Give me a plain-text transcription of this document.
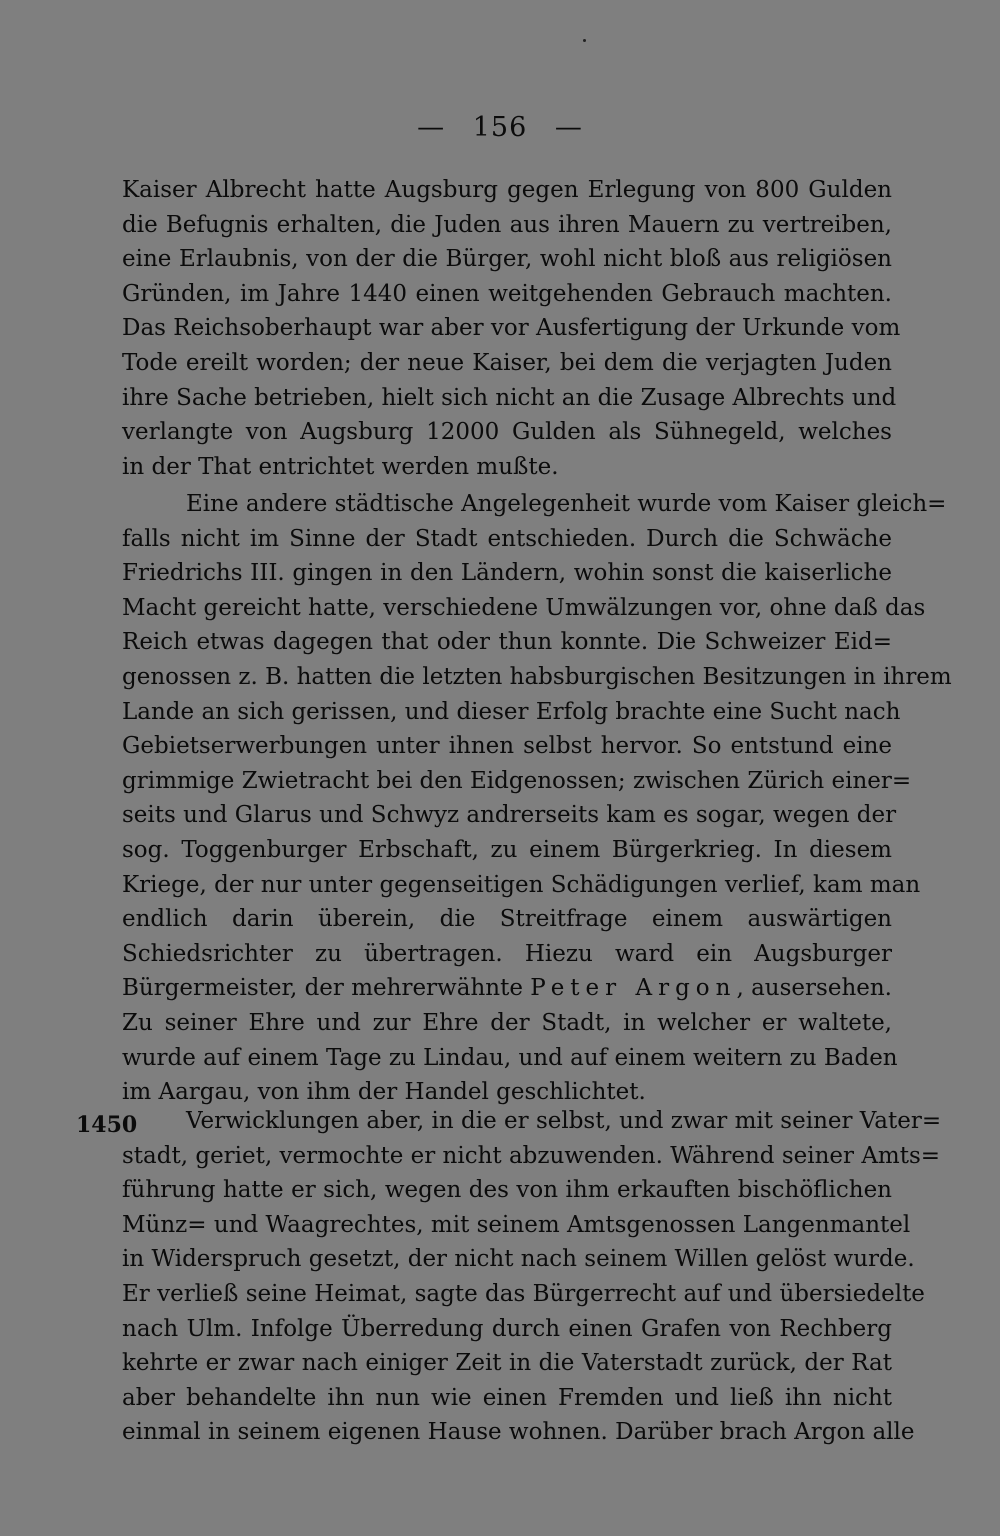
— 156 —
1450
Kaiser Albrecht hatte Augsburg gegen Erlegung von 800 Gulden
die Befugnis erhalten, die Juden aus ihren Mauern zu vertreiben,
eine Erlaubnis, von der die Bürger, wohl nicht bloß aus religiösen
Gründen, im Jahre 1440 einen weitgehenden Gebrauch machten.
Das Reichsoberhaupt war aber vor Ausfertigung der Urkunde vom
Tode ereilt worden; der neue Kaiser, bei dem die verjagten Juden
ihre Sache betrieben, hielt sich nicht an die Zusage Albrechts und
verlangte von Augsburg 12000 Gulden als Sühnegeld, welches
in der That entrichtet werden mußte.
Eine andere städtische Angelegenheit wurde vom Kaiser gleich=
falls nicht im Sinne der Stadt entschieden. Durch die Schwäche
Friedrichs III. gingen in den Ländern, wohin sonst die kaiserliche
Macht gereicht hatte, verschiedene Umwälzungen vor, ohne daß das
Reich etwas dagegen that oder thun konnte. Die Schweizer Eid=
genossen z. B. hatten die letzten habsburgischen Besitzungen in ihrem
Lande an sich gerissen, und dieser Erfolg brachte eine Sucht nach
Gebietserwerbungen unter ihnen selbst hervor. So entstund eine
grimmige Zwietracht bei den Eidgenossen; zwischen Zürich einer=
seits und Glarus und Schwyz andrerseits kam es sogar, wegen der
sog. Toggenburger Erbschaft, zu einem Bürgerkrieg. In diesem
Kriege, der nur unter gegenseitigen Schädigungen verlief, kam man
endlich darin überein, die Streitfrage einem auswärtigen
Schiedsrichter zu übertragen. Hiezu ward ein Augsburger
Bürgermeister, der mehrerwähnte Peter Argon, ausersehen.
Zu seiner Ehre und zur Ehre der Stadt, in welcher er waltete,
wurde auf einem Tage zu Lindau, und auf einem weitern zu Baden
im Aargau, von ihm der Handel geschlichtet.
Verwicklungen aber, in die er selbst, und zwar mit seiner Vater=
stadt, geriet, vermochte er nicht abzuwenden. Während seiner Amts=
führung hatte er sich, wegen des von ihm erkauften bischöflichen
Münz= und Waagrechtes, mit seinem Amtsgenossen Langenmantel
in Widerspruch gesetzt, der nicht nach seinem Willen gelöst wurde.
Er verließ seine Heimat, sagte das Bürgerrecht auf und übersiedelte
nach Ulm. Infolge Überredung durch einen Grafen von Rechberg
kehrte er zwar nach einiger Zeit in die Vaterstadt zurück, der Rat
aber behandelte ihn nun wie einen Fremden und ließ ihn nicht
einmal in seinem eigenen Hause wohnen. Darüber brach Argon alle
